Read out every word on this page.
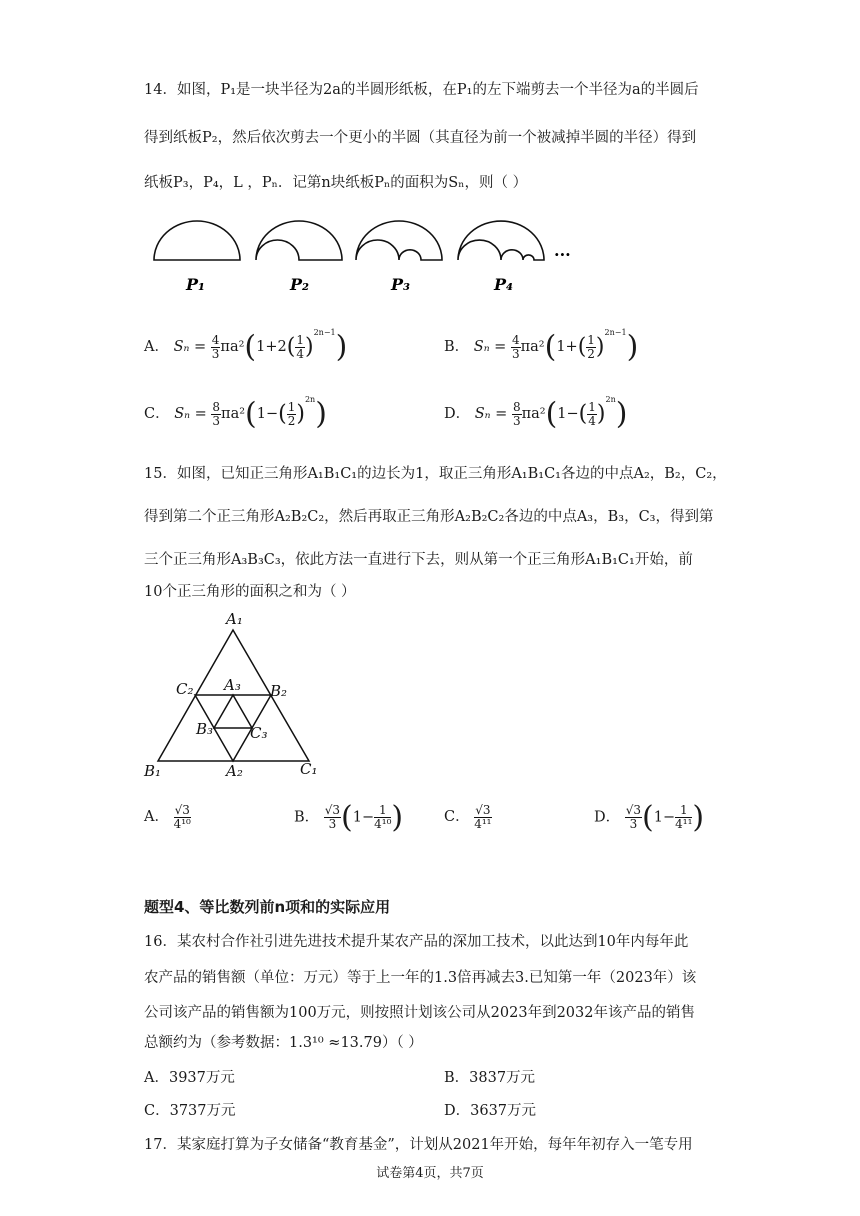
14．如图，P₁是一块半径为2a的半圆形纸板，在P₁的左下端剪去一个半径为a的半圆后
得到纸板P₂，然后依次剪去一个更小的半圆（其直径为前一个被减掉半圆的半径）得到
纸板P₃，P₄，L ，Pₙ．记第n块纸板Pₙ的面积为Sₙ，则（ ）
···
P₁	P₂	P₃	P₄
A． $S_n = \frac{4}{3} \pi a^2(1+2( \frac{1}{4} )^{2n-1})$	B． $S_n = \frac{4}{3} \pi a^2(1+( \frac{1}{2} )^{2n-1})$
C． $S_n = \frac{8}{3} \pi a^2(1-( \frac{1}{2} )^{2n})$	D． $S_n = \frac{8}{3} \pi a^2(1-( \frac{1}{4} )^{2n})$
15．如图，已知正三角形A₁B₁C₁的边长为1，取正三角形A₁B₁C₁各边的中点A₂，B₂，C₂，
得到第二个正三角形A₂B₂C₂，然后再取正三角形A₂B₂C₂各边的中点A₃，B₃，C₃，得到第
三个正三角形A₃B₃C₃，依此方法一直进行下去，则从第一个正三角形A₁B₁C₁开始，前
10个正三角形的面积之和为（ ）
A₁
C₂ A₃ B₂
B₃ C₃
B₁	A₂	C₁
A． $\frac{√3}{\text{4¹⁰}}$	B． $\frac{√3}{3} (1- \frac{1}{\text{4¹⁰}}$ )	C． $\frac{√3}{\text{4¹¹}}$	D． $\frac{√3}{3} (1- \frac{1}{\text{4¹¹}}$ )
题型4、等比数列前n项和的实际应用
16．某农村合作社引进先进技术提升某农产品的深加工技术，以此达到10年内每年此
农产品的销售额（单位：万元）等于上一年的1.3倍再减去3.已知第一年（2023年）该
公司该产品的销售额为100万元，则按照计划该公司从2023年到2032年该产品的销售
总额约为（参考数据：1.3¹⁰ ≈13.79）（ ）
A．3937万元	B．3837万元
C．3737万元	D．3637万元
17．某家庭打算为子女储备“教育基金”，计划从2021年开始，每年年初存入一笔专用
试卷第4页，共7页
